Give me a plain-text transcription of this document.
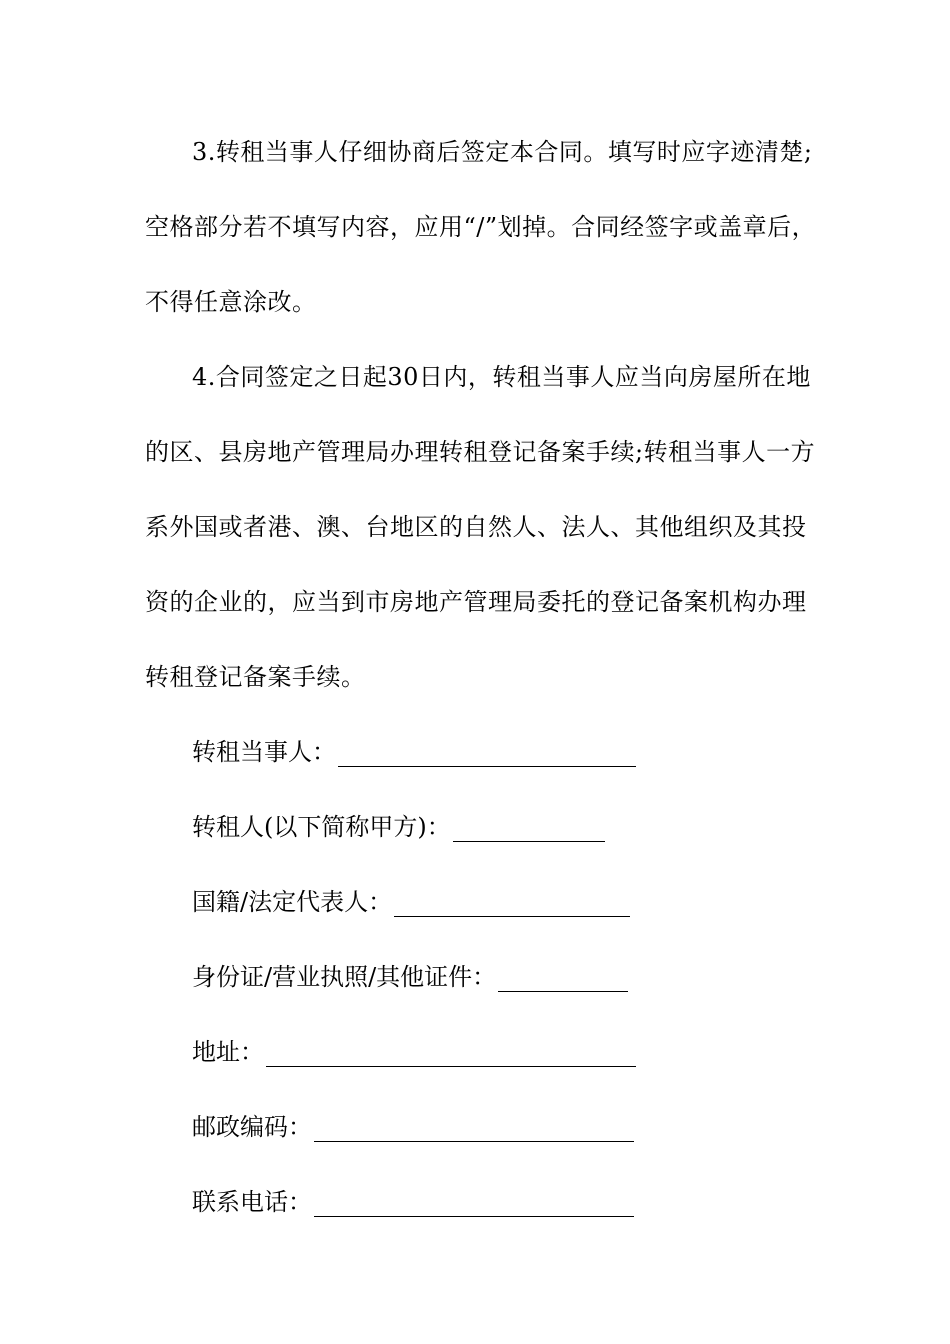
3.转租当事人仔细协商后签定本合同。填写时应字迹清楚;
空格部分若不填写内容，应用“/”划掉。合同经签字或盖章后，
不得任意涂改。
4.合同签定之日起30日内，转租当事人应当向房屋所在地
的区、县房地产管理局办理转租登记备案手续;转租当事人一方
系外国或者港、澳、台地区的自然人、法人、其他组织及其投
资的企业的，应当到市房地产管理局委托的登记备案机构办理
转租登记备案手续。
转租当事人：
转租人(以下简称甲方)：
国籍/法定代表人：
身份证/营业执照/其他证件：
地址：
邮政编码：
联系电话：
